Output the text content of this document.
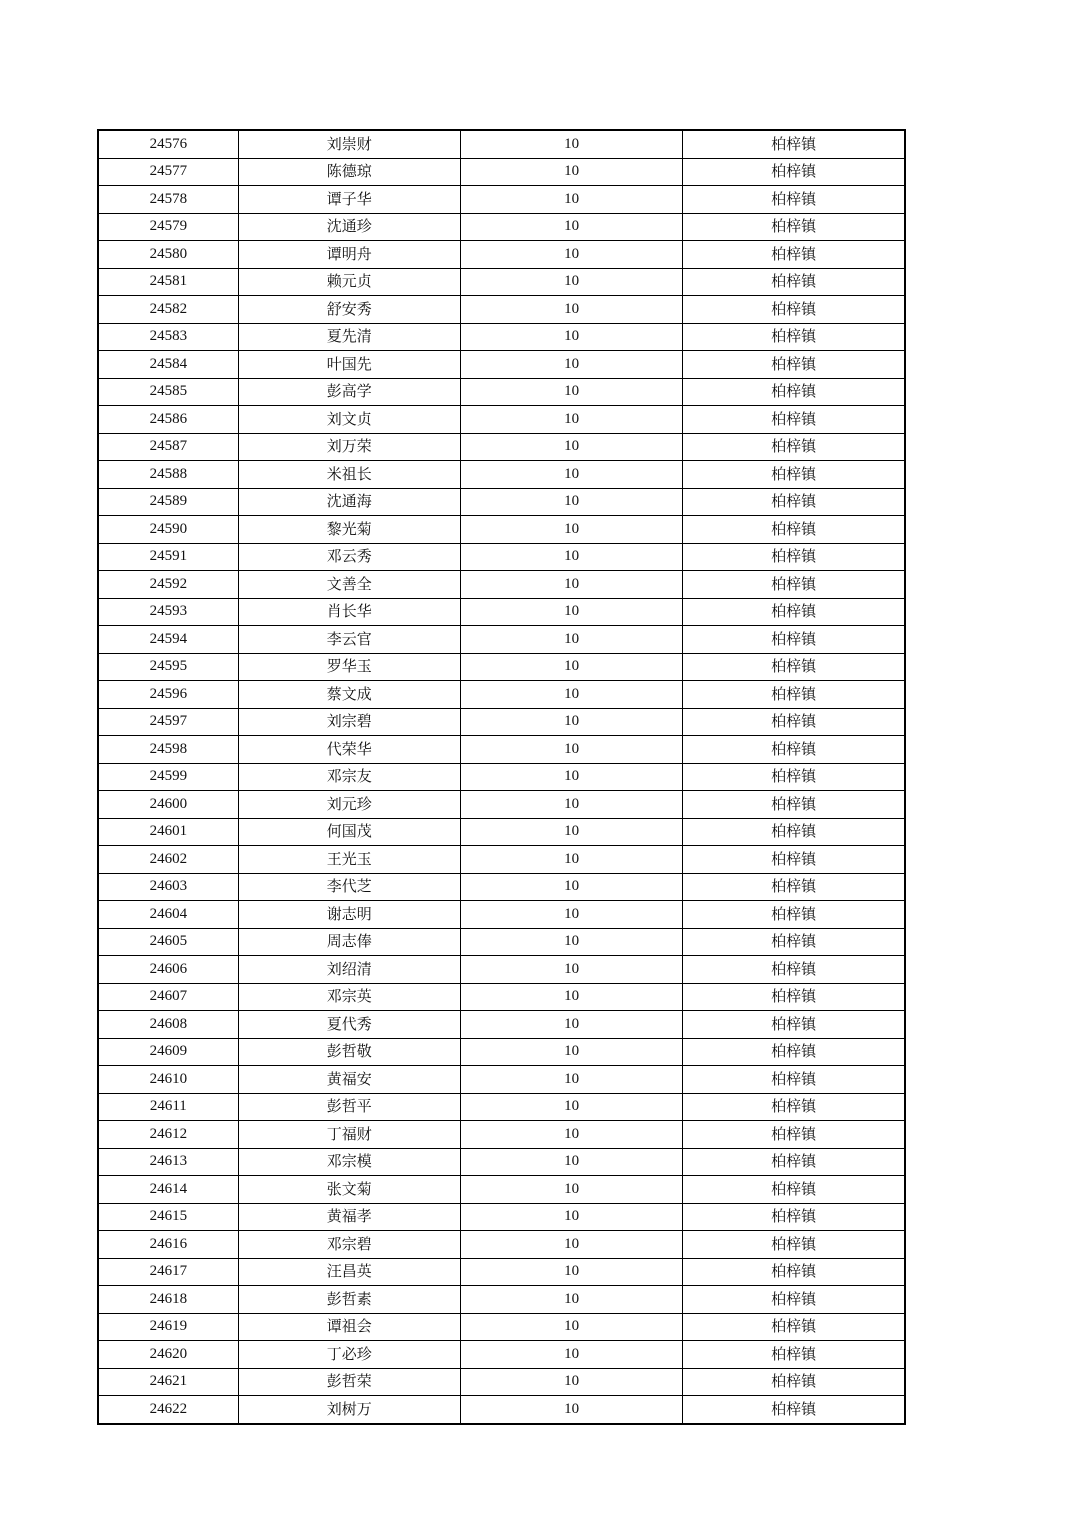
24576	刘崇财	10	柏梓镇
24577	陈德琼	10	柏梓镇
24578	谭子华	10	柏梓镇
24579	沈通珍	10	柏梓镇
24580	谭明舟	10	柏梓镇
24581	赖元贞	10	柏梓镇
24582	舒安秀	10	柏梓镇
24583	夏先清	10	柏梓镇
24584	叶国先	10	柏梓镇
24585	彭高学	10	柏梓镇
24586	刘文贞	10	柏梓镇
24587	刘万荣	10	柏梓镇
24588	米祖长	10	柏梓镇
24589	沈通海	10	柏梓镇
24590	黎光菊	10	柏梓镇
24591	邓云秀	10	柏梓镇
24592	文善全	10	柏梓镇
24593	肖长华	10	柏梓镇
24594	李云官	10	柏梓镇
24595	罗华玉	10	柏梓镇
24596	蔡文成	10	柏梓镇
24597	刘宗碧	10	柏梓镇
24598	代荣华	10	柏梓镇
24599	邓宗友	10	柏梓镇
24600	刘元珍	10	柏梓镇
24601	何国茂	10	柏梓镇
24602	王光玉	10	柏梓镇
24603	李代芝	10	柏梓镇
24604	谢志明	10	柏梓镇
24605	周志俸	10	柏梓镇
24606	刘绍清	10	柏梓镇
24607	邓宗英	10	柏梓镇
24608	夏代秀	10	柏梓镇
24609	彭哲敬	10	柏梓镇
24610	黄福安	10	柏梓镇
24611	彭哲平	10	柏梓镇
24612	丁福财	10	柏梓镇
24613	邓宗模	10	柏梓镇
24614	张文菊	10	柏梓镇
24615	黄福孝	10	柏梓镇
24616	邓宗碧	10	柏梓镇
24617	汪昌英	10	柏梓镇
24618	彭哲素	10	柏梓镇
24619	谭祖会	10	柏梓镇
24620	丁必珍	10	柏梓镇
24621	彭哲荣	10	柏梓镇
24622	刘树万	10	柏梓镇
